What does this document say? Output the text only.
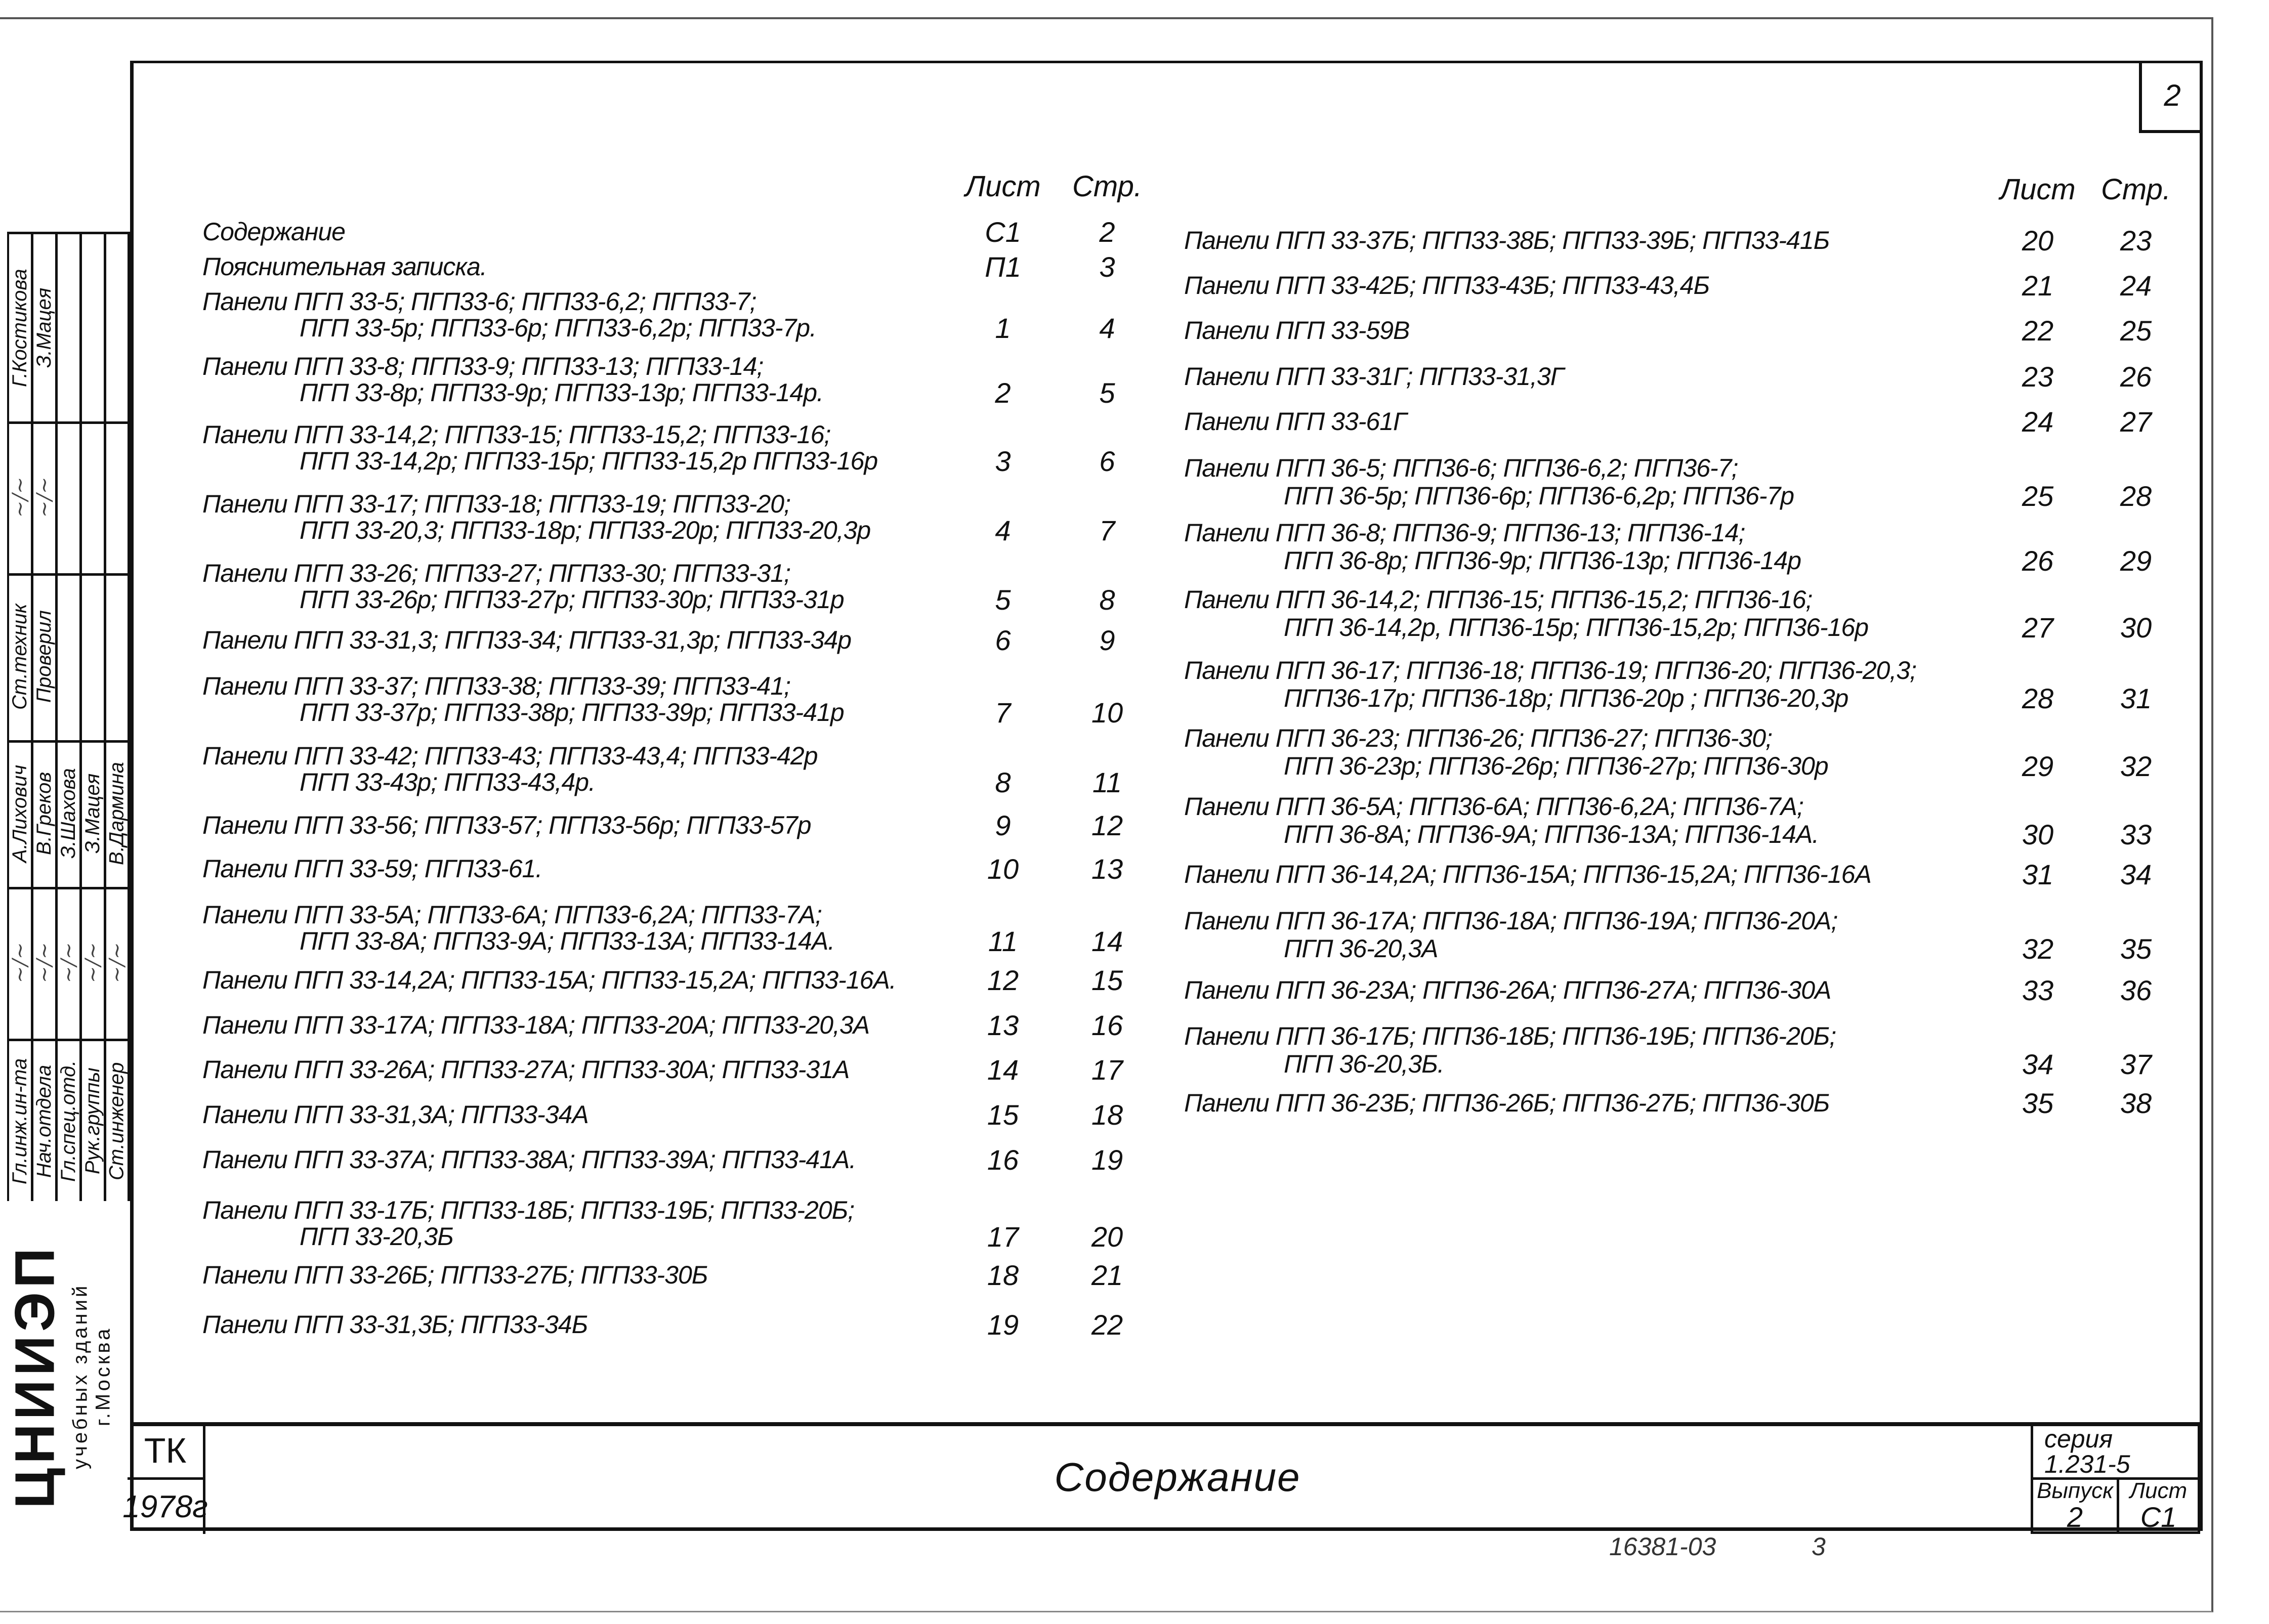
2
Лист Стр.	Лист Стр.
Содержание	С1	2
Пояснительная записка.	П1	3
Панели ПГП 33-5; ПГП33-6; ПГП33-6,2; ПГП33-7;
ПГП 33-5р; ПГП33-6р; ПГП33-6,2р; ПГП33-7р.	1	4
Панели ПГП 33-8; ПГП33-9; ПГП33-13; ПГП33-14;
ПГП 33-8р; ПГП33-9р; ПГП33-13р; ПГП33-14р.	2	5
Панели ПГП 33-14,2; ПГП33-15; ПГП33-15,2; ПГП33-16;
ПГП 33-14,2р; ПГП33-15р; ПГП33-15,2р ПГП33-16р	3	6
Панели ПГП 33-17; ПГП33-18; ПГП33-19; ПГП33-20;
ПГП 33-20,3; ПГП33-18р; ПГП33-20р; ПГП33-20,3р	4	7
Панели ПГП 33-26; ПГП33-27; ПГП33-30; ПГП33-31;
ПГП 33-26р; ПГП33-27р; ПГП33-30р; ПГП33-31р	5	8
Панели ПГП 33-31,3; ПГП33-34; ПГП33-31,3р; ПГП33-34р	6	9
Панели ПГП 33-37; ПГП33-38; ПГП33-39; ПГП33-41;
ПГП 33-37р; ПГП33-38р; ПГП33-39р; ПГП33-41р	7	10
Панели ПГП 33-42; ПГП33-43; ПГП33-43,4; ПГП33-42р
ПГП 33-43р; ПГП33-43,4р.	8	11
Панели ПГП 33-56; ПГП33-57; ПГП33-56р; ПГП33-57р	9	12
Панели ПГП 33-59; ПГП33-61.	10	13
Панели ПГП 33-5А; ПГП33-6А; ПГП33-6,2А; ПГП33-7А;
ПГП 33-8А; ПГП33-9А; ПГП33-13А; ПГП33-14А.	11	14
Панели ПГП 33-14,2А; ПГП33-15А; ПГП33-15,2А; ПГП33-16А.	12	15
Панели ПГП 33-17А; ПГП33-18А; ПГП33-20А; ПГП33-20,3А	13	16
Панели ПГП 33-26А; ПГП33-27А; ПГП33-30А; ПГП33-31А	14	17
Панели ПГП 33-31,3А; ПГП33-34А	15	18
Панели ПГП 33-37А; ПГП33-38А; ПГП33-39А; ПГП33-41А.	16	19
Панели ПГП 33-17Б; ПГП33-18Б; ПГП33-19Б; ПГП33-20Б;
ПГП 33-20,3Б	17	20
Панели ПГП 33-26Б; ПГП33-27Б; ПГП33-30Б	18	21
Панели ПГП 33-31,3Б; ПГП33-34Б	19	22
Панели ПГП 33-37Б; ПГП33-38Б; ПГП33-39Б; ПГП33-41Б	20	23
Панели ПГП 33-42Б; ПГП33-43Б; ПГП33-43,4Б	21	24
Панели ПГП 33-59В	22	25
Панели ПГП 33-31Г; ПГП33-31,3Г	23	26
Панели ПГП 33-61Г	24	27
Панели ПГП 36-5; ПГП36-6; ПГП36-6,2; ПГП36-7;
ПГП 36-5р; ПГП36-6р; ПГП36-6,2р; ПГП36-7р	25	28
Панели ПГП 36-8; ПГП36-9; ПГП36-13; ПГП36-14;
ПГП 36-8р; ПГП36-9р; ПГП36-13р; ПГП36-14р	26	29
Панели ПГП 36-14,2; ПГП36-15; ПГП36-15,2; ПГП36-16;
ПГП 36-14,2р, ПГП36-15р; ПГП36-15,2р; ПГП36-16р	27	30
Панели ПГП 36-17; ПГП36-18; ПГП36-19; ПГП36-20; ПГП36-20,3;
ПГП36-17р; ПГП36-18р; ПГП36-20р ; ПГП36-20,3р	28	31
Панели ПГП 36-23; ПГП36-26; ПГП36-27; ПГП36-30;
ПГП 36-23р; ПГП36-26р; ПГП36-27р; ПГП36-30р	29	32
Панели ПГП 36-5А; ПГП36-6А; ПГП36-6,2А; ПГП36-7А;
ПГП 36-8А; ПГП36-9А; ПГП36-13А; ПГП36-14А.	30	33
Панели ПГП 36-14,2А; ПГП36-15А; ПГП36-15,2А; ПГП36-16А	31	34
Панели ПГП 36-17А; ПГП36-18А; ПГП36-19А; ПГП36-20А;
ПГП 36-20,3А	32	35
Панели ПГП 36-23А; ПГП36-26А; ПГП36-27А; ПГП36-30А	33	36
Панели ПГП 36-17Б; ПГП36-18Б; ПГП36-19Б; ПГП36-20Б;
ПГП 36-20,3Б.	34	37
Панели ПГП 36-23Б; ПГП36-26Б; ПГП36-27Б; ПГП36-30Б	35	38
Г.Костикова З.Мацея
∼∕∼ ∼∕∼
Ст.техник Проверил
А.Лихович В.Греков З.Шахова З.Мацея В.Дармина
∼∕∼ ∼∕∼ ∼∕∼ ∼∕∼ ∼∕∼
Гл.инж.ин-та Нач.отдела Гл.спец.отд. Рук.группы Ст.инженер
ЦНИИЭП учебных зданий г.Москва
ТК
1978г
Содержание
серия
1.231-5
Выпуск
2
Лист
С1
16381-03	3
